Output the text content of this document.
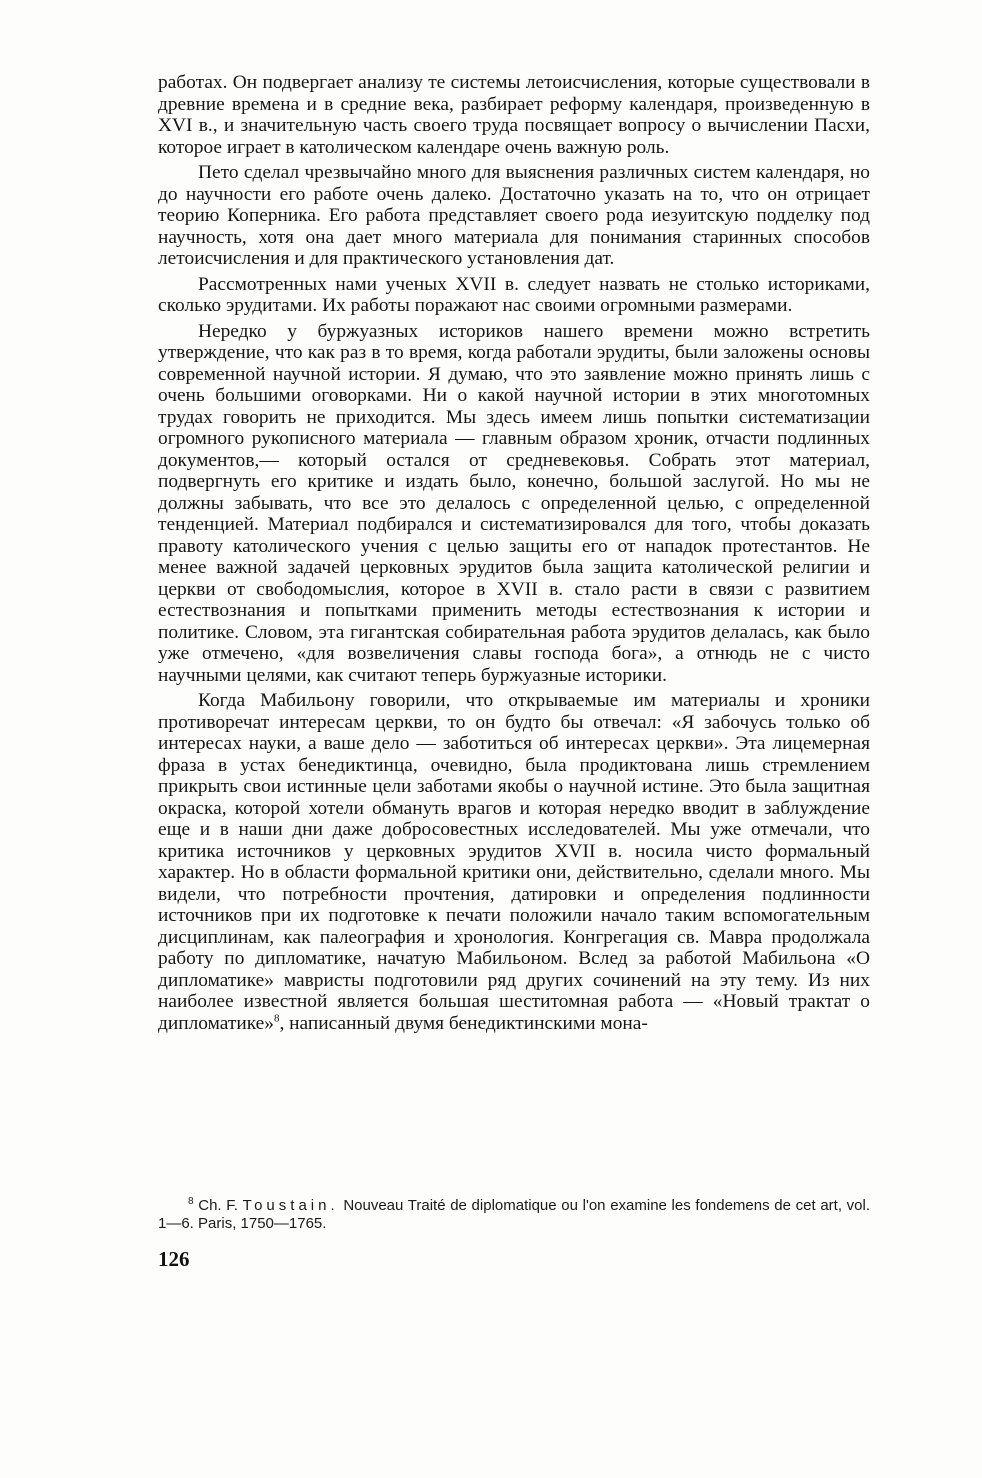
работах. Он подвергает анализу те системы летоисчисления, которые существовали в древние времена и в средние века, разбирает реформу календаря, произведенную в XVI в., и значительную часть своего труда посвящает вопросу о вычислении Пасхи, которое играет в католическом календаре очень важную роль.

Пето сделал чрезвычайно много для выяснения различных систем календаря, но до научности его работе очень далеко. Достаточно указать на то, что он отрицает теорию Коперника. Его работа представляет своего рода иезуитскую подделку под научность, хотя она дает много материала для понимания старинных способов летоисчисления и для практического установления дат.

Рассмотренных нами ученых XVII в. следует назвать не столько историками, сколько эрудитами. Их работы поражают нас своими огромными размерами.

Нередко у буржуазных историков нашего времени можно встретить утверждение, что как раз в то время, когда работали эрудиты, были заложены основы современной научной истории. Я думаю, что это заявление можно принять лишь с очень большими оговорками. Ни о какой научной истории в этих многотомных трудах говорить не приходится. Мы здесь имеем лишь попытки систематизации огромного рукописного материала — главным образом хроник, отчасти подлинных документов,— который остался от средневековья. Собрать этот материал, подвергнуть его критике и издать было, конечно, большой заслугой. Но мы не должны забывать, что все это делалось с определенной целью, с определенной тенденцией. Материал подбирался и систематизировался для того, чтобы доказать правоту католического учения с целью защиты его от нападок протестантов. Не менее важной задачей церковных эрудитов была защита католической религии и церкви от свободомыслия, которое в XVII в. стало расти в связи с развитием естествознания и попытками применить методы естествознания к истории и политике. Словом, эта гигантская собирательная работа эрудитов делалась, как было уже отмечено, «для возвеличения славы господа бога», а отнюдь не с чисто научными целями, как считают теперь буржуазные историки.

Когда Мабильону говорили, что открываемые им материалы и хроники противоречат интересам церкви, то он будто бы отвечал: «Я забочусь только об интересах науки, а ваше дело — заботиться об интересах церкви». Эта лицемерная фраза в устах бенедиктинца, очевидно, была продиктована лишь стремлением прикрыть свои истинные цели заботами якобы о научной истине. Это была защитная окраска, которой хотели обмануть врагов и которая нередко вводит в заблуждение еще и в наши дни даже добросовестных исследователей. Мы уже отмечали, что критика источников у церковных эрудитов XVII в. носила чисто формальный характер. Но в области формальной критики они, действительно, сделали много. Мы видели, что потребности прочтения, датировки и определения подлинности источников при их подготовке к печати положили начало таким вспомогательным дисциплинам, как палеография и хронология. Конгрегация св. Мавра продолжала работу по дипломатике, начатую Мабильоном. Вслед за работой Мабильона «О дипломатике» мавристы подготовили ряд других сочинений на эту тему. Из них наиболее известной является большая шеститомная работа — «Новый трактат о дипломатике»$^8$, написанный двумя бенедиктинскими мона-

$^8$ Ch. F. Toustain. Nouveau Traité de diplomatique ou l'on examine les fondemens de cet art, vol. 1—6. Paris, 1750—1765.
126
